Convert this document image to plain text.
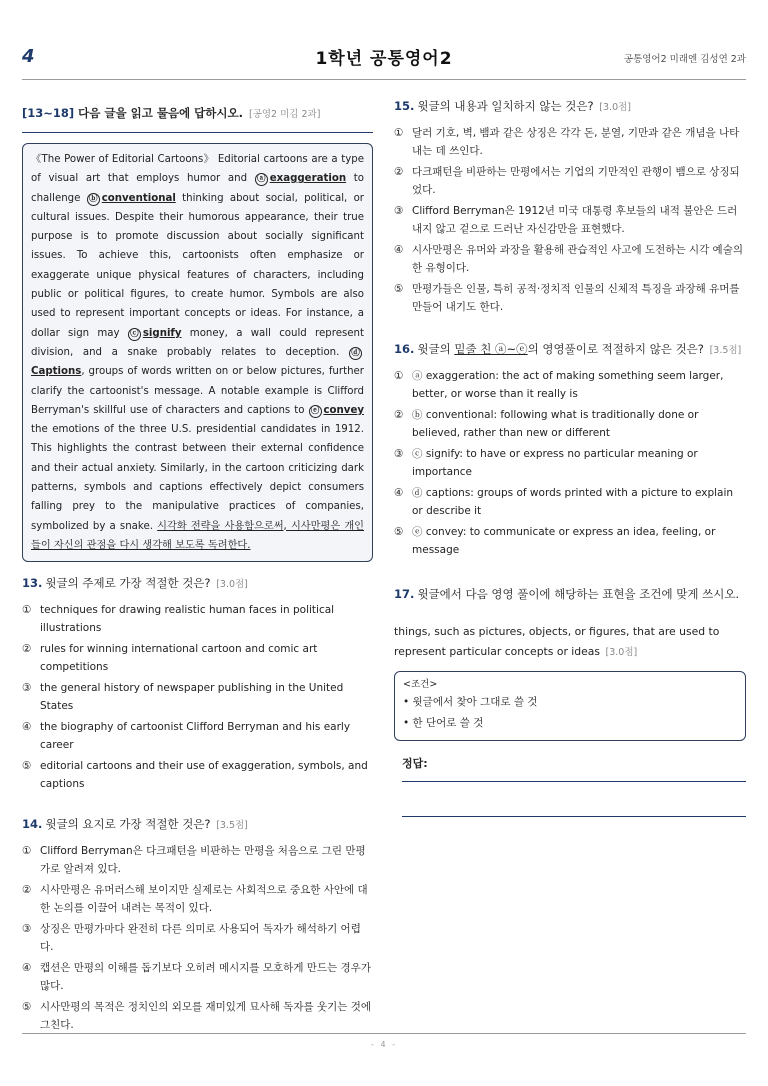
4	1학년 공통영어2	공통영어2 미래엔 김성연 2과
[13~18] 다음 글을 읽고 물음에 답하시오. [공영2 미김 2과]
《The Power of Editorial Cartoons》 Editorial cartoons are a type of visual art that employs humor and ⓐ exaggeration to challenge ⓑ conventional thinking about social, political, or cultural issues. Despite their humorous appearance, their true purpose is to promote discussion about socially significant issues. To achieve this, cartoonists often emphasize or exaggerate unique physical features of characters, including public or political figures, to create humor. Symbols are also used to represent important concepts or ideas. For instance, a dollar sign may ⓒ signify money, a wall could represent division, and a snake probably relates to deception. ⓓCaptions, groups of words written on or below pictures, further clarify the cartoonist's message. A notable example is Clifford Berryman's skillful use of characters and captions to ⓔ convey the emotions of the three U.S. presidential candidates in 1912. This highlights the contrast between their external confidence and their actual anxiety. Similarly, in the cartoon criticizing dark patterns, symbols and captions effectively depict consumers falling prey to the manipulative practices of companies, symbolized by a snake. 시각화 전략을 사용함으로써, 시사만평은 개인들이 자신의 관점을 다시 생각해 보도록 독려한다.
13. 윗글의 주제로 가장 적절한 것은? [3.0점]
① techniques for drawing realistic human faces in political illustrations
② rules for winning international cartoon and comic art competitions
③ the general history of newspaper publishing in the United States
④ the biography of cartoonist Clifford Berryman and his early career
⑤ editorial cartoons and their use of exaggeration, symbols, and captions
14. 윗글의 요지로 가장 적절한 것은? [3.5점]
① Clifford Berryman은 다크패턴을 비판하는 만평을 처음으로 그린 만평가로 알려져 있다.
② 시사만평은 유머러스해 보이지만 실제로는 사회적으로 중요한 사안에 대한 논의를 이끌어 내려는 목적이 있다.
③ 상징은 만평가마다 완전히 다른 의미로 사용되어 독자가 해석하기 어렵다.
④ 캡션은 만평의 이해를 돕기보다 오히려 메시지를 모호하게 만드는 경우가 많다.
⑤ 시사만평의 목적은 정치인의 외모를 재미있게 묘사해 독자를 웃기는 것에 그친다.
15. 윗글의 내용과 일치하지 않는 것은? [3.0점]
① 달러 기호, 벽, 뱀과 같은 상징은 각각 돈, 분열, 기만과 같은 개념을 나타내는 데 쓰인다.
② 다크패턴을 비판하는 만평에서는 기업의 기만적인 관행이 뱀으로 상징되었다.
③ Clifford Berryman은 1912년 미국 대통령 후보들의 내적 불안은 드러내지 않고 겉으로 드러난 자신감만을 표현했다.
④ 시사만평은 유머와 과장을 활용해 관습적인 사고에 도전하는 시각 예술의 한 유형이다.
⑤ 만평가들은 인물, 특히 공적·정치적 인물의 신체적 특징을 과장해 유머를 만들어 내기도 한다.
16. 윗글의 밑줄 친 ⓐ~ⓔ의 영영풀이로 적절하지 않은 것은? [3.5점]
① ⓐ exaggeration: the act of making something seem larger, better, or worse than it really is
② ⓑ conventional: following what is traditionally done or believed, rather than new or different
③ ⓒ signify: to have or express no particular meaning or importance
④ ⓓ captions: groups of words printed with a picture to explain or describe it
⑤ ⓔ convey: to communicate or express an idea, feeling, or message
17. 윗글에서 다음 영영 풀이에 해당하는 표현을 조건에 맞게 쓰시오.
things, such as pictures, objects, or figures, that are used to represent particular concepts or ideas [3.0점]
<조건>
• 윗글에서 찾아 그대로 쓸 것
• 한 단어로 쓸 것
정답:
- 4 -
